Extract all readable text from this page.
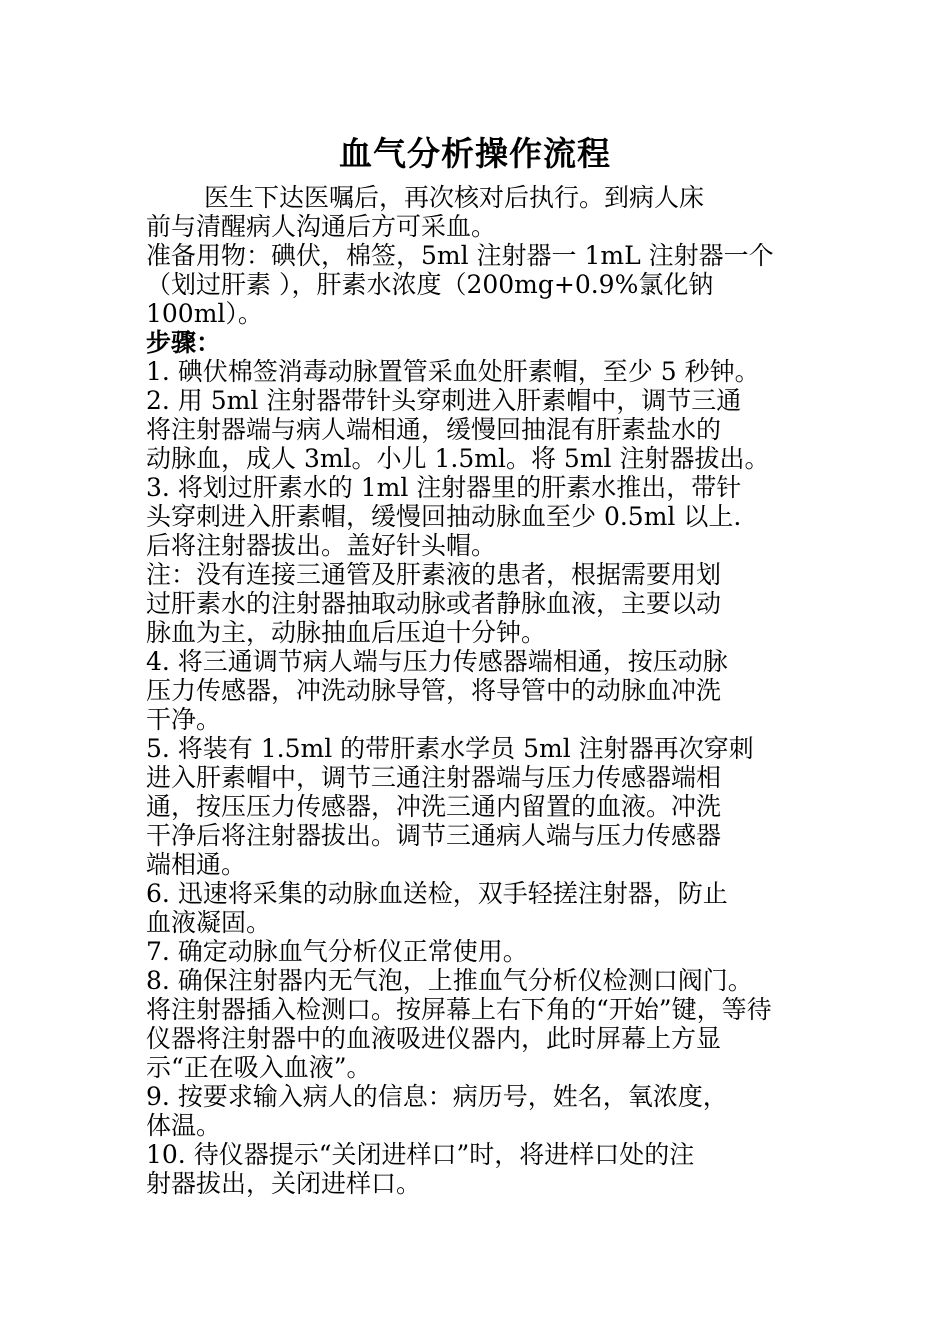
血气分析操作流程
医生下达医嘱后，再次核对后执行。到病人床
前与清醒病人沟通后方可采血。
准备用物：碘伏，棉签，5ml 注射器一 1mL 注射器一个
（划过肝素 ），肝素水浓度（200mg+0.9%氯化钠
100ml）。
步骤：
1. 碘伏棉签消毒动脉置管采血处肝素帽，至少 5 秒钟。
2. 用 5ml 注射器带针头穿刺进入肝素帽中，调节三通
将注射器端与病人端相通，缓慢回抽混有肝素盐水的
动脉血，成人 3ml。小儿 1.5ml。将 5ml 注射器拔出。
3. 将划过肝素水的 1ml 注射器里的肝素水推出，带针
头穿刺进入肝素帽，缓慢回抽动脉血至少 0.5ml 以上.
后将注射器拔出。盖好针头帽。
注：没有连接三通管及肝素液的患者，根据需要用划
过肝素水的注射器抽取动脉或者静脉血液，主要以动
脉血为主，动脉抽血后压迫十分钟。
4. 将三通调节病人端与压力传感器端相通，按压动脉
压力传感器，冲洗动脉导管，将导管中的动脉血冲洗
干净。
5. 将装有 1.5ml 的带肝素水学员 5ml 注射器再次穿刺
进入肝素帽中，调节三通注射器端与压力传感器端相
通，按压压力传感器，冲洗三通内留置的血液。冲洗
干净后将注射器拔出。调节三通病人端与压力传感器
端相通。
6. 迅速将采集的动脉血送检，双手轻搓注射器，防止
血液凝固。
7. 确定动脉血气分析仪正常使用。
8. 确保注射器内无气泡，上推血气分析仪检测口阀门。
将注射器插入检测口。按屏幕上右下角的“开始”键，等待
仪器将注射器中的血液吸进仪器内，此时屏幕上方显
示“正在吸入血液”。
9. 按要求输入病人的信息：病历号，姓名，氧浓度，
体温。
10. 待仪器提示“关闭进样口”时，将进样口处的注
射器拔出，关闭进样口。
